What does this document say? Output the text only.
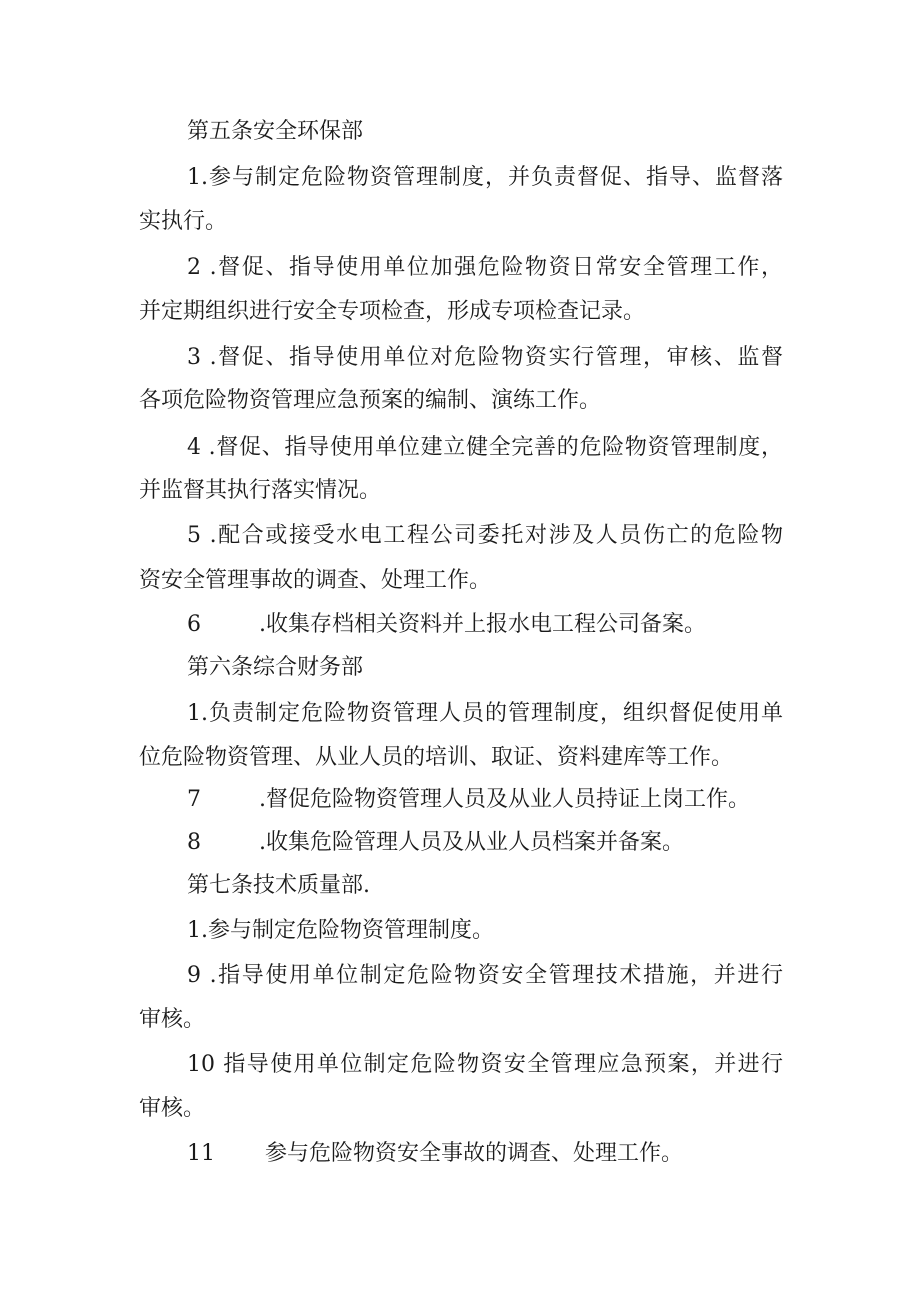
第五条安全环保部
1.参与制定危险物资管理制度，并负责督促、指导、监督落
实执行。
2 .督促、指导使用单位加强危险物资日常安全管理工作，
并定期组织进行安全专项检查，形成专项检查记录。
3 .督促、指导使用单位对危险物资实行管理，审核、监督
各项危险物资管理应急预案的编制、演练工作。
4 .督促、指导使用单位建立健全完善的危险物资管理制度，
并监督其执行落实情况。
5 .配合或接受水电工程公司委托对涉及人员伤亡的危险物
资安全管理事故的调查、处理工作。
6	.收集存档相关资料并上报水电工程公司备案。
第六条综合财务部
1.负责制定危险物资管理人员的管理制度，组织督促使用单
位危险物资管理、从业人员的培训、取证、资料建库等工作。
7	.督促危险物资管理人员及从业人员持证上岗工作。
8	.收集危险管理人员及从业人员档案并备案。
第七条技术质量部.
1.参与制定危险物资管理制度。
9 .指导使用单位制定危险物资安全管理技术措施，并进行
审核。
10 指导使用单位制定危险物资安全管理应急预案，并进行
审核。
11 参与危险物资安全事故的调查、处理工作。
